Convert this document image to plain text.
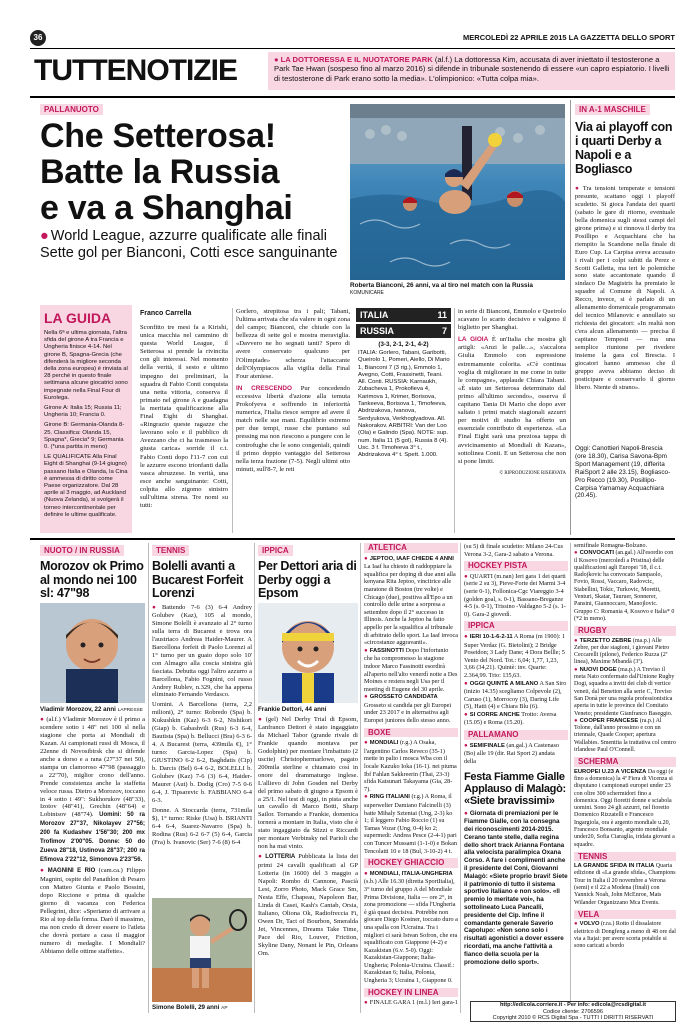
36	MERCOLEDÌ 22 APRILE 2015 LA GAZZETTA DELLO SPORT
TUTTENOTIZIE
●	LA DOTTORESSA E IL NUOTATORE PARK (al.f.) La dottoressa Kim, accusata di aver iniettato il testosterone a Park Tae Hwan (sospeso fino al marzo 2016) si difende in tribunale sostenendo di essere «un capro espiatorio. I livelli di testosterone di Park erano sotto la media». L'olimpionico: «Tutta colpa mia».
PALLANUOTO
Che Setterosa!
Batte la Russia
e va a Shanghai
● World League, azzurre qualificate alle finali
Sette gol per Bianconi, Cotti esce sanguinante
Roberta Bianconi, 26 anni, va al tiro nel match con la Russia KOMUNICARE
LA GUIDA

Nella 6ª e ultima giornata, l'altra sfida del girone A tra Francia e Ungheria finisce 4-14. Nel girone B, Spagna-Grecia (che difenderà la migliore seconda della zona europea) è rinviata al 28 perché in questo finale settimana alcune giocatrici sono impegnate nella Final Four di Eurolega.

Girone A: Italia 15; Russia 11; Ungheria 10; Francia 0.

Girone B: Germania-Olanda 8-25. Classifica: Olanda 15, Spagna*, Grecia* 9; Germania 0. (*una partita in meno)

LE QUALIFICATE Alla Final Eight di Shanghai (9-14 giugno) passano Italia e Olanda, la Cina è ammessa di diritto come Paese organizzatore. Dal 28 aprile al 3 maggio, ad Auckland (Nuova Zelanda), si svolgerà il torneo intercontinentale per definire le ultime qualificate.

Franco Carrella
Sconfitto tre mesi fa a Kirishi, unica macchia nel cammino di questa World League, il Setterosa si prende la rivincita con gli interessi. Nel momento della verità, il sesto e ultimo impegno dei preliminari, la squadra di Fabio Conti conquista una netta vittoria, conserva il primato nel girone A e guadagna la meritata qualificazione alla Final Eight di Shanghai. «Ringrazio queste ragazze che lavorano solo e il pubblico di Avezzano che ci ha trasmesso la giusta carica» sorride il c.t. Fabio Conti dopo l'11-7 con cui le azzurre escono trionfanti dalla vasca abruzzese. In verità, una esce anche sanguinante: Cotti, colpita allo zigomo sinistro sull'ultima sirena. Tre nomi su tutti:
Gorlero, strepitosa tra i pali; Tabani, l'ultima arrivata che sfa valere in ogni zona del campo; Bianconi, che chiude con la bellezza di sette gol e mostra meraviglia. «Davvero ne ho segnati tanti? Spero di avere conservato qualcuno per l'Olimpiade» scherza l'attaccante dell'Olympiacos alla vigilia della Final Four ateniese.

IN CRESCENDO Pur concedendo eccessiva libertà d'azione alla temuta Prokofyeva e soffrendo in inferiorità numerica, l'Italia riesce sempre ad avere il match nelle sue mani. Equilibrio estremo per due tempi, russe che puntano sul pressing ma non riescono a pungere con le controfughe che le sono congeniali, quindi il primo doppio vantaggio del Setterosa nella terza frazione (7-5). Negli ultimi otto minuti, sull'8-7, le reti

ITALIA	11
RUSSIA	7
(3-3, 2-1, 2-1, 4-2)
ITALIA: Gorlero, Tabani, Garibotti, Queirolo 1, Pomeri, Aiello, Di Mario 1, Bianconi 7 (3 rig.), Emmolo 1, Avegno, Cotti, Frassinetti, Teani. All. Conti. RUSSIA: Karnaukh, Zubacheva 1, Prokofieva 4, Karimova 1, Krimer, Borisova, Tankeeva, Borisova 1, Timofeeva, Abdrizakova, Ivanova, Serdyukova, Verkhoglyadova. All. Nakorakov. ARBITRI: Van der Loo (Ola) e Galindo (Spa). NOTE: sup. num. Italia 11 (5 gol), Russia 8 (4). Usc. 3 f. Timofeeva 3° t., Abdrizakova 4° t. Spett. 1.000.
in serie di Bianconi, Emmolo e Queirolo scavano lo scarto decisivo e valgono il biglietto per Shanghai.

LA GIOIA È un'Italia che mostra gli artigli: «Anzi le palle...», s'accalora Giulia Emmolo con espressione estremamente colorita. «C'è continua voglia di migliorare in me come in tutte le compagne», applaude Chiara Tabani. «È stato un Setterosa determinato dal primo all'ultimo secondo», osserva il capitano Tania Di Mario che dopo aver saltato i primi match stagionali azzurri per motivi di studio ha offerto un essenziale contributo di esperienza. «La Final Eight sarà una preziosa tappa di avvicinamento ai Mondiali di Kazan», sottolinea Conti. E un Setterosa che non si pone limiti.

© RIPRODUZIONE RISERVATA

IN A-1 MASCHILE
Via ai playoff con i quarti Derby a Napoli e a Bogliasco
● Tra tensioni temperate e tensioni presunte, scattano oggi i playoff scudetto. Si gioca l'andata dei quarti (sabato le gare di ritorno, eventuale bella domenica sugli stessi campi del girone prima) e si rinnova il derby tra Posillipo e Acquachiara che ha riempito la Scandone nella finale di Euro Cup. La Carpisa aveva accusato i rivali per i colpi subiti da Perez e Scotti Galletta, ma ieri le polemiche sono state accantonate quando il sindaco De Magistris ha premiato le squadre al Comune di Napoli. A Recco, invece, si è parlato di un allenamento domenicale programmato del tecnico Milanovic e annullato su richiesta dei giocatori: «In realtà non c'era alcun allenamento — precisa il capitano Tempesti — ma una semplice riunione per rivedere insieme la gara col Brescia. I giocatori hanno ammesso che il gruppo aveva abbiamo deciso di posticipare e conservarlo il giorno libero. Niente di strano».
Oggi: Canottieri Napoli-Brescia (ore 18.30), Carisa Savona-Bpm Sport Management (19, differita RaiSport 2 alle 23.15), Bogliasco-Pro Recco (19.30), Posillipo-Carpisa Yamamay Acquachiara (20.45).
NUOTO / IN RUSSIA
Morozov ok Primo al mondo nei 100 sl: 47"98
Vladimir Morozov, 22 anni LAPRESSE
● (al.f.) Vladimir Morozov è il primo a scendere sotto i 48" nei 100 sl nella stagione che porta ai Mondiali di Kazan. Ai campionati russi di Mosca, il 22enne di Novosibirsk che si difende anche a dorso e a rana (27"37 nei 50), stampa un clamoroso 47"98 (passaggio a 22"70), miglior crono dell'anno. Prende consistenza anche la staffetta veloce russa. Dietro a Morozov, toccano in 4 sotto i 49": Sukhorukov (48"33), Izotov (48"41), Grechin (48"64) e Lobintsov (48"74). Uomini: 50 ra Morozov 27"37, Nikolayev 27"56; 200 fa Kudashev 1'56"30; 200 mx Trofimov 2'00"05. Donne: 50 do Zueva 28"18, Ustinova 28"37; 200 ra Efimova 2'22"12, Simonova 2'23"56.

● MAGNINI E RIO (cam.ca.) Filippo Magnini, ospite del Panathlon di Pesaro con Matteo Giunta e Paolo Bossini, dopo Riccione e prima di qualche giorno di vacanza con Federica Pellegrini, dice: «Speriamo di arrivare a Rio al top della forma. Darò il massimo, ma non credo di dover essere io l'atleta che dovrà portare a casa il maggior numero di medaglie. I Mondiali? Abbiamo delle ottime staffette».

TENNIS
Bolelli avanti a Bucarest Forfeit Lorenzi
● Battendo 7-6 (3) 6-4 Andrey Golubev (Kaz), 105 al mondo, Simone Bolelli è avanzato al 2° turno sulla terra di Bucarest e trova ora l'austriaco Andreas Haider-Maurer. A Barcellona forfeit di Paolo Lorenzi al 1° turno per un guaio dopo solo 10' con Almagro alla coscia sinistra già fasciata. Debutta oggi l'altro azzurro a Barcellona, Fabio Fognini, col russo Andrey Rublev, n.329, che ha appena eliminato Fernando Verdasco.

Uomini. A Barcellona (terra, 2,2 milioni), 2° turno: Robredo (Spa) b. Kukushkin (Kaz) 6-3 6-2, Nishikori (Giap) b. Gabashvili (Rus) 6-3 6-4, Bautista (Spa) b. Bellucci (Bra) 6-3 6-4. A Bucarest (terra, 439mila €), 1° turno: Garcia-Lopez (Spa) b. GIUSTINO 6-2 6-2, Baghdatis (Cip) b. Darcis (Bel) 6-4 6-2, BOLELLI b. Golubev (Kaz) 7-6 (3) 6-4, Haider-Maurer (Aut) b. Dodig (Cro) 7-5 0-6 6-4, J. Tipsarevic b. FABBIANO 6-4 6-3.

Donne. A Stoccarda (terra, 731mila $), 1° turno: Riske (Usa) b. BRIANTI 6-4 6-4, Suarez-Navarro (Spa) b. Rodina (Rus) 6-2 6-7 (5) 6-4, Garcia (Fra) b. Ivanovic (Ser) 7-6 (8) 6-4

Simone Bolelli, 29 anni AP
IPPICA
Per Dettori aria di Derby oggi a Epsom
Frankie Dettori, 44 anni
● (gel) Nel Derby Trial di Epsom, Lanfranco Dettori è stato ingaggiato da Michael Tabor (grande rivale di Frankie quando montava per Godolphin) per montare l'imbattuto (2 uscite) Christophermarlowe, pagato 200mila sterline e chiamato così in onore del drammaturgo inglese. L'allievo di John Gosden nel Derby del primo sabato di giugno a Epsom è a 25/1. Nel test di oggi, in pista anche un cavallo di Marco Botti, Sharp Sailor. Tornando a Frankie, domenica tornerà a montare in Italia, visto che è stato ingaggiato da Stizzi e Riccardi per montare Verbinsky nel Parioli che non ha mai vinto.

● LOTTERIA Pubblicata la lista dei primi 24 cavalli qualificati al GP Lotteria (in 1600) del 3 maggio a Napoli: Rombo di Cannone, Pascià Lest, Zorro Photo, Mack Grace Sm, Nesta Effe, Chapeau, Napoleon Bar, Linda di Casei, Kash's Cantab, Orsia, Italiano, Oliona Ok, Radiofreccia Fi, Owen Dr, Tact of Bourbon, Smeralda Jet, Vincennes, Dreams Take Time, Pace del Rio, Louver, Friction, Skyline Dany, Nonant le Pin, Orleans Om.

ATLETICA

● JEPTOO, IAAF CHIEDE 4 ANNI La Iaaf ha chiesto di raddoppiare la squalifica per doping di due anni alla kenyana Rita Jeptoo, vincitrice alle maratone di Boston (tre volte) e Chicago (due), positiva all'Epo a un controllo delle urine a sorpresa a settembre dopo il 2° successo in Illinois. Anche la Jeptoo ha fatto appello per la squalifica al tribunale di arbitrato dello sport. La Iaaf invoca «circostanze aggravanti».

● FASSINOTTI Dopo l'infortunio che ha compromesso la stagione indoor Marco Fassinotti esordirà all'aperto nell'alto venerdì notte a Des Moines e restera negli Usa per il meeting di Eugene del 30 aprile.

● GROSSETO CANDIDATA Grosseto si candida per gli Europei under 23 2017 e in alternativa agli Europei juniores dello stesso anno.

BOXE

● MONDIALI (r.g.) A Osaka, l'argentino Carlos Reveco (35-1) mette in palio i mosca Wba con il locale Kazuko Ioka (16-1). nei piuma Ibf Fahlan Sakkreerin (Thai, 23-3) sfida Katsunari Takayama (Gia, 28-7).

● RING ITALIANI (r.g.) A Roma, il superwelter Damiano Falcinelli (3) batte Mihaly Sztentai (Ung, 2-3) ko 1; il leggero Fabio Roccio (1) su Tamas Vozar (Ung, 0-4) ko 2; supermedi: Andrea Pesce (2-4-1) pari con Tuncer Mussami (1-1-0) e Bokan Tencolatti 10 e 18 (Bul, 3-10-2) 4 t.

HOCKEY GHIACCIO

● MONDIALI, ITALIA-UNGHERIA (s.b.) Alle 16.30 (diretta SportItalia), 3° turno del gruppo A del Mondiale Prima Divisione, Italia — ore 2°, in zona promozione — sfida l'Ungheria è già quasi decisiva. Potrebbe non giocare Diego Kostner, toccato duro a una spalla con l'Ucraina. Tra i migliori ci sarà Istvan Sofron, che era squalificato con Giappone (4-2) e Kazakistan (6.v. 5-0). Oggi: Kazakistan-Giappone; Italia-Ungheria; Polonia-Ucraina. Classif.: Kazakistan 6; Italia, Polonia, Ungheria 3; Ucraina 1, Giappone 0.

HOCKEY IN LINEA

● FINALE GARA 1 (m.l.) Ieri gara-1

(su 5) di finale scudetto: Milano 24-Cus Verona 3-2, Gara-2 sabato a Verona.

HOCKEY PISTA

● QUARTI (m.nan) Ieri gara 1 dei quarti (serie 2 su 3), Pieve-Forte dei Marmi 3-4 (serie 0-1), Follonica-Cgc Viareggio 3-4 (golden goal, s. 0-1), Bassano-Breganze 4-5 (s. 0-1), Trissino -Valdagno 5-2 (s. 1-0). Gara-2 giovedì.

IPPICA

● IERI 10-1-6-2-11 A Roma (m 1900): 1 Super Verdaz (G. Bietolini); 2 Bridge Poseidon; 3 Lady Dane; 4 Dora Bellle; 5 Vento del Nord. Tot.: 6,04; 1,77, 1,23, 3,66 (34,21). Quintè: inv. Quarte: 2.364,99. Trio: 135,63.

● OGGI QUINTÈ A MILANO A San Siro (inizio 14.35) scegliamo Colpevole (2), Caruso (1), Morrocoy (3), Daring Life (5), Hatti (4) e Chiara Blu (6).

● SI CORRE ANCHE Trotto: Aversa (15.05) e Roma (15.20).

PALLAMANO

● SEMIFINALE (an.gal.) A Castenaso (Bo) alle 19 (dir. Rai Sport 2) andata della

Festa Fiamme Gialle Applauso di Malagò: «Siete bravissimi»

● Giornata di premiazioni per le Fiamme Gialle, con la consegna dei riconoscimenti 2014-2015. Cerano tante stelle, dalla regina dello short track Arianna Fontana alla velocista paralimpica Oxana Corso. A fare i complimenti anche il presidente del Coni, Giovanni Malagò: «Siete proprio bravi! Siete il patrimonio di tutto il sistema sportivo italiano e non solo». «Il premio lo meritate voi», ha sottolineato Luca Pancalli, presidente del Cip. Infine il comandante generale Saverio Capolupo: «Non sono solo i risultati agonistici a dover essere ricordati, ma anche l'attività a fianco della scuola per la promozione dello sport».

semifinale Romagna-Bolzano.

● CONVOCATI (an.gal.) All'esordio con il Kosovo (mercoledì a Pristina) delle qualificazioni agli Europei '18, il c.t. Radojkovic ha convocato Sampaolo, Fovio, Rossi, Vaccaro, Radovcic, Stabellini, Tokic, Turkovic, Moretti, Venturi, Skatar, Tauruer, Sonnerer, Pansini, Giannoccaro, Manojlovic. Gruppo C: Romania 4, Kosovo e Italia* 0 (*2 in meno).

RUGBY

● TERZETTO ZEBRE (ma.p.) Alle Zebre, per due stagioni, i giovani Pietro Ceccarelli (pilone), Federico Ruzza (2ª linea), Maxime Mbandà (3ª).

● NUOVI DOGE (ma.p.) A Treviso il meta Nato confermato dall'Unione Rugby Dogi, squadra a inviti dei club di vertice veneti, dal Benetton alla serie C, Treviso San Donà per una regola professionistica aperta in tutte le province del Comitato Veneto; presidente Gianfranco Baseggio.

● COOPER FRANCESE (ra.p.) Al Tolone, dall'anno prossimo e con un triennale, Quade Cooper; apertura Wallabies. Smentita la trattativa col centro irlandese Paul O'Connell.

SCHERMA

EUROPEI U.23 A VICENZA Da oggi (e fino a domenica) la 4ª Fiera di Vicenza si disputano i campionati europei under 23 con oltre 300 schermidori fino a domenica. Oggi fioretti donne e sciabola uomini. Sono 24 gli azzurri, nel fioretto Domenico Rizzatelli e Francesco Ingargiola, ora è argento mondiale u.20, Francesco Bonsanto, argento mondiale under20, Sofia Ciaraglia, iridata giovani a squadre.

TENNIS

LA GRANDE SFIDA IN ITALIA Quarta edizione di «La grande sfida», Champions Tour in Italia il 20 novembre a Verona (semi) e il 22 a Modena (finali) con Yannick Noah, John McEnroe, Mats Wilander Organizzano Mca Events.

VELA

● VOLVO (r.ra.) Rotto il dissalatore elettrico di Dongfeng a meno di 48 ore dal via a Itajai: per avere scorta potabile si sono caricati a bordo

http://edicola.corriere.it - Per info: edicola@rcsdigital.it
Codice cliente: 2706596
Copyright 2010 © RCS Digital Spa - TUTTI I DIRITTI RISERVATI
